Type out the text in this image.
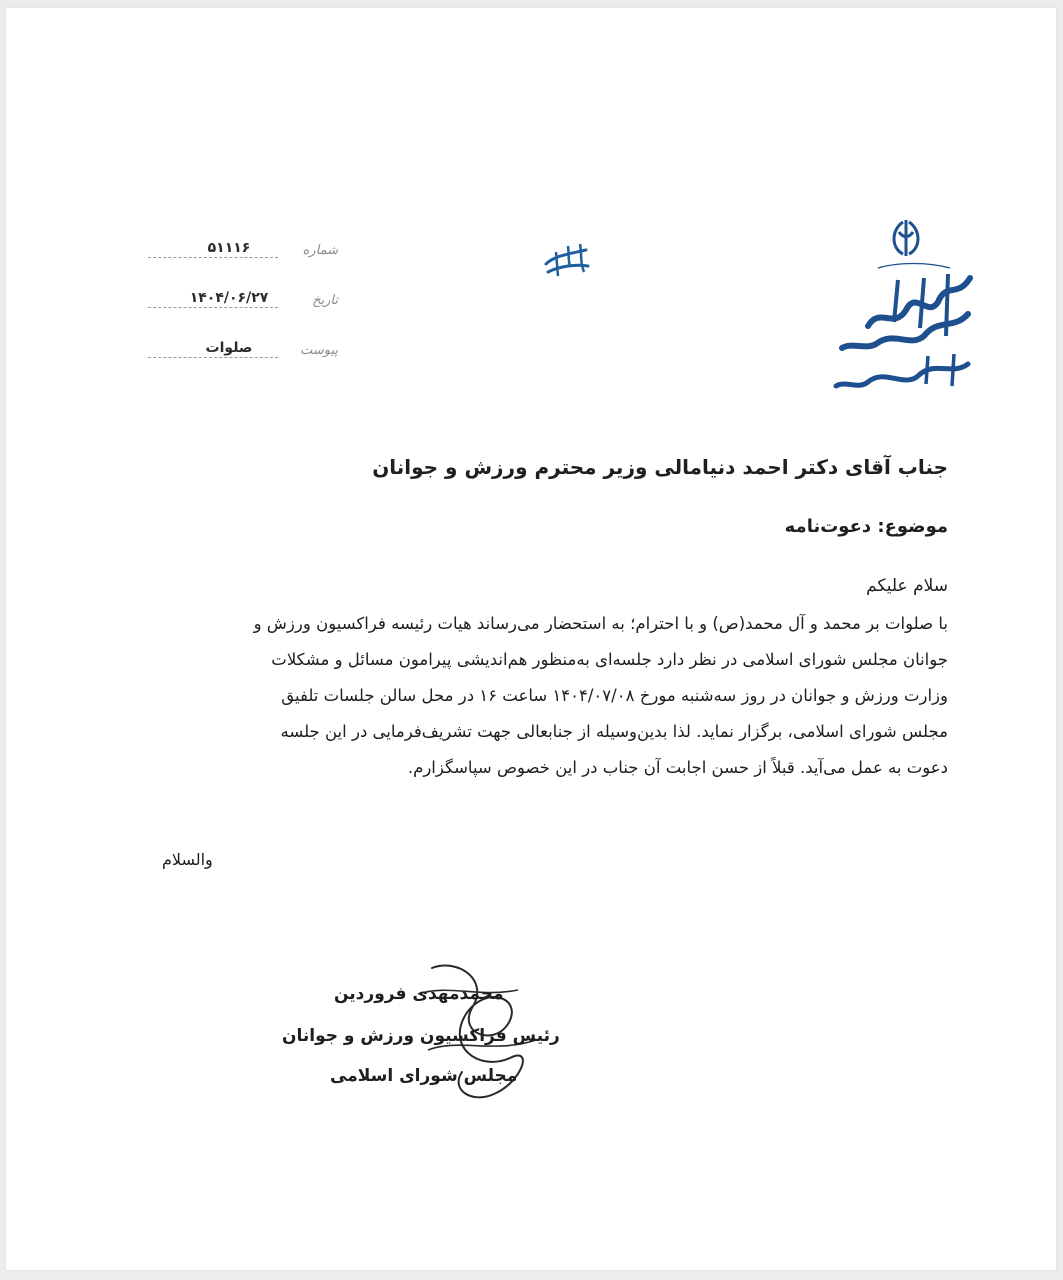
۵۱۱۱۶	شماره
۱۴۰۴/۰۶/۲۷	تاریخ
صلوات	پیوست
جناب آقای دکتر احمد دنیامالی وزیر محترم ورزش و جوانان
موضوع: دعوت‌نامه
سلام علیکم
با صلوات بر محمد و آل محمد(ص) و با احترام؛ به استحضار می‌رساند هیات رئیسه فراکسیون ورزش و
جوانان مجلس شورای اسلامی در نظر دارد جلسه‌ای به‌منظور هم‌اندیشی پیرامون مسائل و مشکلات
وزارت ورزش و جوانان در روز سه‌شنبه مورخ ۱۴۰۴/۰۷/۰۸ ساعت ۱۶ در محل سالن جلسات تلفیق
مجلس شورای اسلامی، برگزار نماید. لذا بدین‌وسیله از جنابعالی جهت تشریف‌فرمایی در این جلسه
دعوت به عمل می‌آید. قبلاً از حسن اجابت آن جناب در این خصوص سپاسگزارم.
والسلام
محمدمهدی فروردین
رئیس فراکسیون ورزش و جوانان
مجلس شورای اسلامی
